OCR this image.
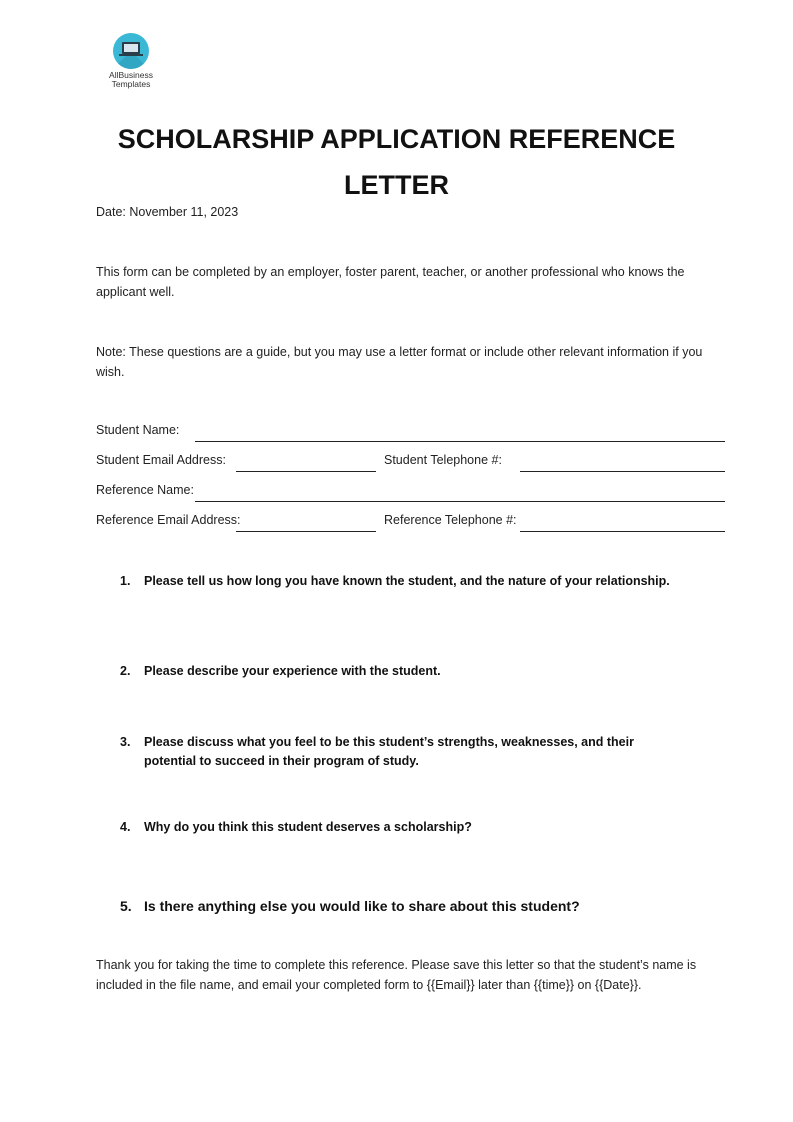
AllBusiness
Templates
SCHOLARSHIP APPLICATION REFERENCE LETTER
Date: November 11, 2023
This form can be completed by an employer, foster parent, teacher, or another professional who knows the applicant well.
Note: These questions are a guide, but you may use a letter format or include other relevant information if you wish.
Student Name:
Student Email Address:	Student Telephone #:
Reference Name:
Reference Email Address:	Reference Telephone #:
1. Please tell us how long you have known the student, and the nature of your relationship.
2. Please describe your experience with the student.
3. Please discuss what you feel to be this student’s strengths, weaknesses, and their potential to succeed in their program of study.
4. Why do you think this student deserves a scholarship?
5. Is there anything else you would like to share about this student?
Thank you for taking the time to complete this reference. Please save this letter so that the student’s name is included in the file name, and email your completed form to {{Email}} later than {{time}} on {{Date}}.
